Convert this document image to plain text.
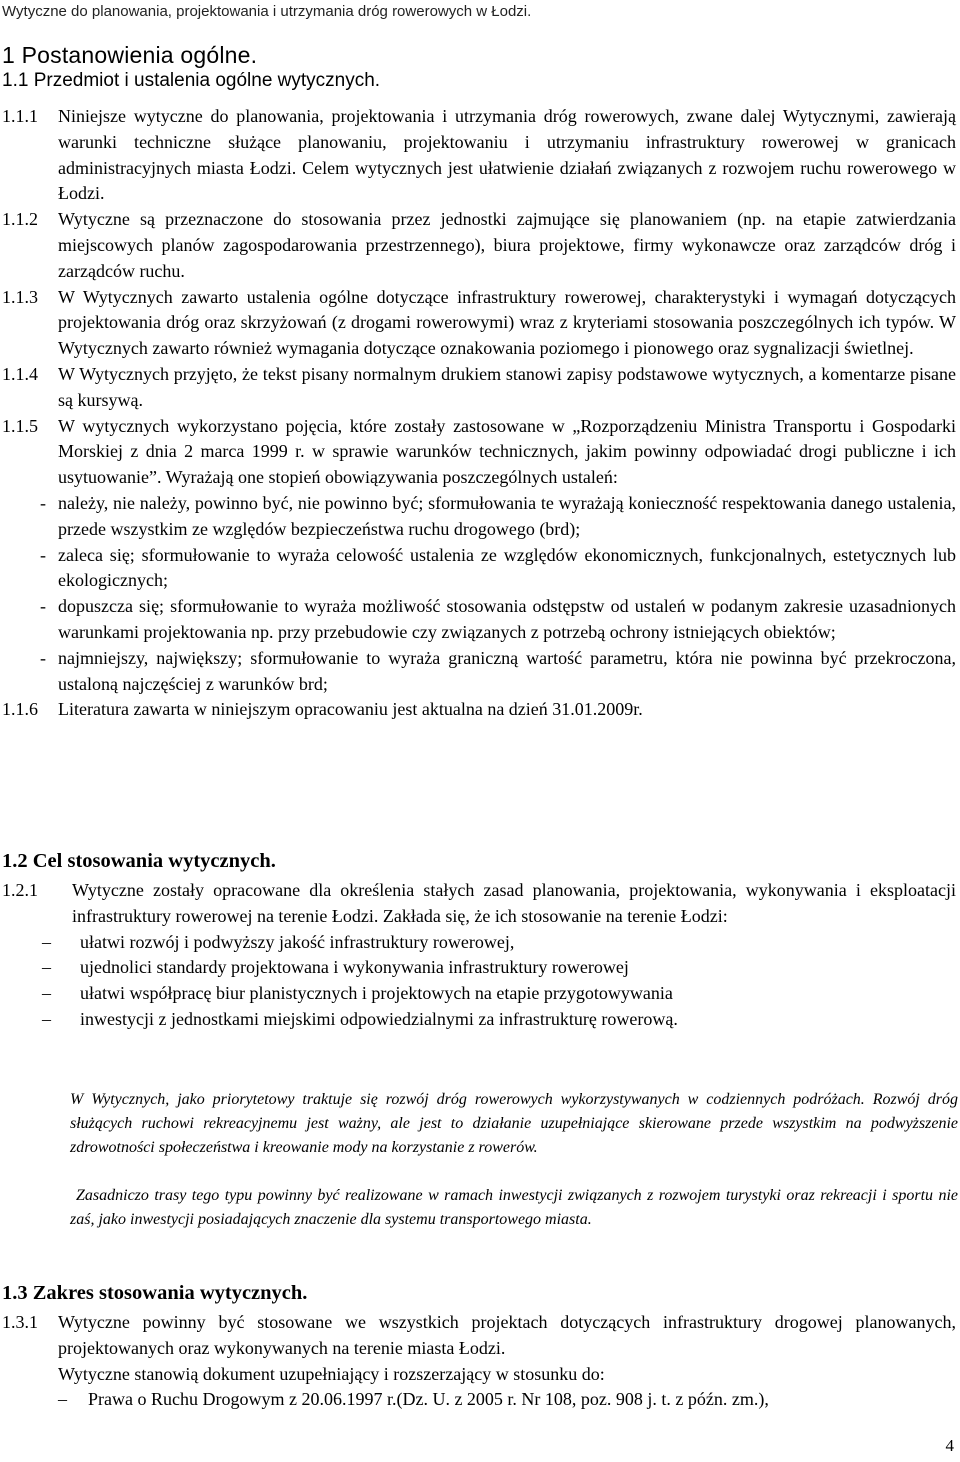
Wytyczne do planowania, projektowania i utrzymania dróg rowerowych w Łodzi.
1 Postanowienia ogólne.
1.1 Przedmiot i ustalenia ogólne wytycznych.
1.1.1 Niniejsze wytyczne do planowania, projektowania i utrzymania dróg rowerowych, zwane dalej Wytycznymi, zawierają warunki techniczne służące planowaniu, projektowaniu i utrzymaniu infrastruktury rowerowej w granicach administracyjnych miasta Łodzi. Celem wytycznych jest ułatwienie działań związanych z rozwojem ruchu rowerowego w Łodzi.
1.1.2 Wytyczne są przeznaczone do stosowania przez jednostki zajmujące się planowaniem (np. na etapie zatwierdzania miejscowych planów zagospodarowania przestrzennego), biura projektowe, firmy wykonawcze oraz zarządców dróg i zarządców ruchu.
1.1.3 W Wytycznych zawarto ustalenia ogólne dotyczące infrastruktury rowerowej, charakterystyki i wymagań dotyczących projektowania dróg oraz skrzyżowań (z drogami rowerowymi) wraz z kryteriami stosowania poszczególnych ich typów. W Wytycznych zawarto również wymagania dotyczące oznakowania poziomego i pionowego oraz sygnalizacji świetlnej.
1.1.4 W Wytycznych przyjęto, że tekst pisany normalnym drukiem stanowi zapisy podstawowe wytycznych, a komentarze pisane są kursywą.
1.1.5 W wytycznych wykorzystano pojęcia, które zostały zastosowane w „Rozporządzeniu Ministra Transportu i Gospodarki Morskiej z dnia 2 marca 1999 r. w sprawie warunków technicznych, jakim powinny odpowiadać drogi publiczne i ich usytuowanie”. Wyrażają one stopień obowiązywania poszczególnych ustaleń:
- należy, nie należy, powinno być, nie powinno być; sformułowania te wyrażają konieczność respektowania danego ustalenia, przede wszystkim ze względów bezpieczeństwa ruchu drogowego (brd);
- zaleca się; sformułowanie to wyraża celowość ustalenia ze względów ekonomicznych, funkcjonalnych, estetycznych lub ekologicznych;
- dopuszcza się; sformułowanie to wyraża możliwość stosowania odstępstw od ustaleń w podanym zakresie uzasadnionych warunkami projektowania np. przy przebudowie czy związanych z potrzebą ochrony istniejących obiektów;
- najmniejszy, największy; sformułowanie to wyraża graniczną wartość parametru, która nie powinna być przekroczona, ustaloną najczęściej z warunków brd;
1.1.6 Literatura zawarta w niniejszym opracowaniu jest aktualna na dzień 31.01.2009r.
1.2 Cel stosowania wytycznych.
1.2.1 Wytyczne zostały opracowane dla określenia stałych zasad planowania, projektowania, wykonywania i eksploatacji infrastruktury rowerowej na terenie Łodzi. Zakłada się, że ich stosowanie na terenie Łodzi:
– ułatwi rozwój i podwyższy jakość infrastruktury rowerowej,
– ujednolici standardy projektowana i wykonywania infrastruktury rowerowej
– ułatwi współpracę biur planistycznych i projektowych na etapie przygotowywania
– inwestycji z jednostkami miejskimi odpowiedzialnymi za infrastrukturę rowerową.
W Wytycznych, jako priorytetowy traktuje się rozwój dróg rowerowych wykorzystywanych w codziennych podróżach. Rozwój dróg służących ruchowi rekreacyjnemu jest ważny, ale jest to działanie uzupełniające skierowane przede wszystkim na podwyższenie zdrowotności społeczeństwa i kreowanie mody na korzystanie z rowerów.
Zasadniczo trasy tego typu powinny być realizowane w ramach inwestycji związanych z rozwojem turystyki oraz rekreacji i sportu nie zaś, jako inwestycji posiadających znaczenie dla systemu transportowego miasta.
1.3 Zakres stosowania wytycznych.
1.3.1 Wytyczne powinny być stosowane we wszystkich projektach dotyczących infrastruktury drogowej planowanych, projektowanych oraz wykonywanych na terenie miasta Łodzi.
Wytyczne stanowią dokument uzupełniający i rozszerzający w stosunku do:
– Prawa o Ruchu Drogowym z 20.06.1997 r.(Dz. U. z 2005 r. Nr 108, poz. 908 j. t. z późn. zm.),
4
